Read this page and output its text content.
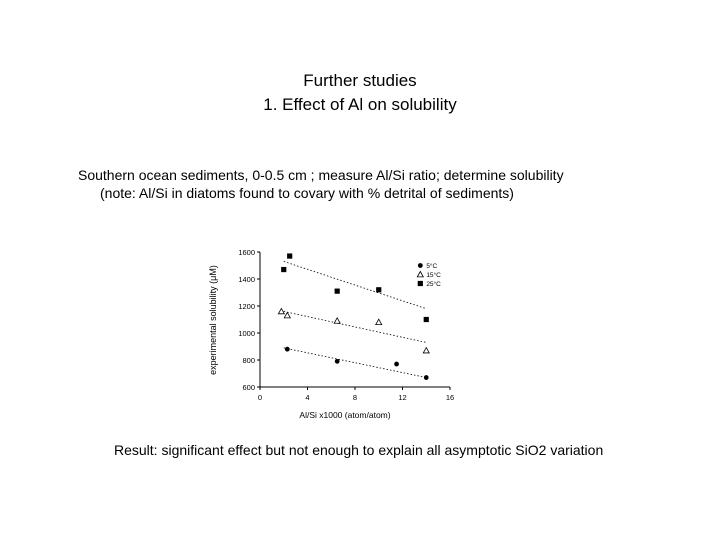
Further studies
1. Effect of Al on solubility
Southern ocean sediments, 0-0.5 cm ; measure Al/Si ratio; determine solubility
(note: Al/Si in diatoms found to covary with % detrital of sediments)
1600
1400
1200
1000
800
600
0	4	8	12	16
5°C
15°C
25°C
experimental solubility (μM)
Al/Si x1000 (atom/atom)
Result: significant effect but not enough to explain all asymptotic SiO2 variation
